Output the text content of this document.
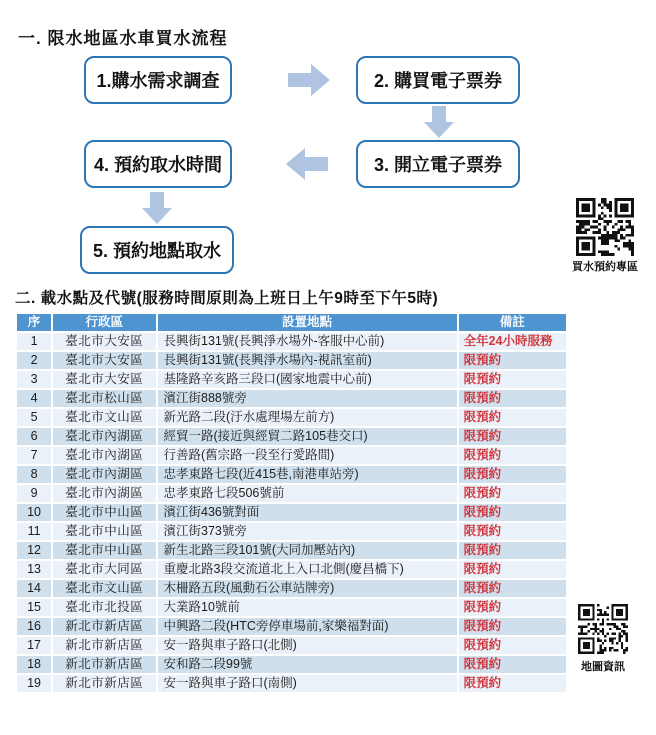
一. 限水地區水車買水流程
1.購水需求調查	2. 購買電子票券
3. 開立電子票券
4. 預約取水時間
5. 預約地點取水
買水預約專區
二. 載水點及代號(服務時間原則為上班日上午9時至下午5時)
序	行政區	設置地點	備註
1	臺北市大安區	長興街131號(長興淨水場外-客服中心前)	全年24小時服務
2	臺北市大安區	長興街131號(長興淨水場內-視訊室前)	限預約
3	臺北市大安區	基隆路辛亥路三段口(國家地震中心前)	限預約
4	臺北市松山區	濱江街888號旁	限預約
5	臺北市文山區	新光路二段(汙水處理場左前方)	限預約
6	臺北市內湖區	經貿一路(接近與經貿二路105巷交口)	限預約
7	臺北市內湖區	行善路(舊宗路一段至行愛路間)	限預約
8	臺北市內湖區	忠孝東路七段(近415巷,南港車站旁)	限預約
9	臺北市內湖區	忠孝東路七段506號前	限預約
10	臺北市中山區	濱江街436號對面	限預約
11	臺北市中山區	濱江街373號旁	限預約
12	臺北市中山區	新生北路三段101號(大同加壓站內)	限預約
13	臺北市大同區	重慶北路3段交流道北上入口北側(慶昌橋下)	限預約
14	臺北市文山區	木柵路五段(風動石公車站牌旁)	限預約
15	臺北市北投區	大業路10號前	限預約
16	新北市新店區	中興路二段(HTC旁停車場前,家樂福對面)	限預約
17	新北市新店區	安一路與車子路口(北側)	限預約
18	新北市新店區	安和路二段99號	限預約
19	新北市新店區	安一路與車子路口(南側)	限預約
地圖資訊
